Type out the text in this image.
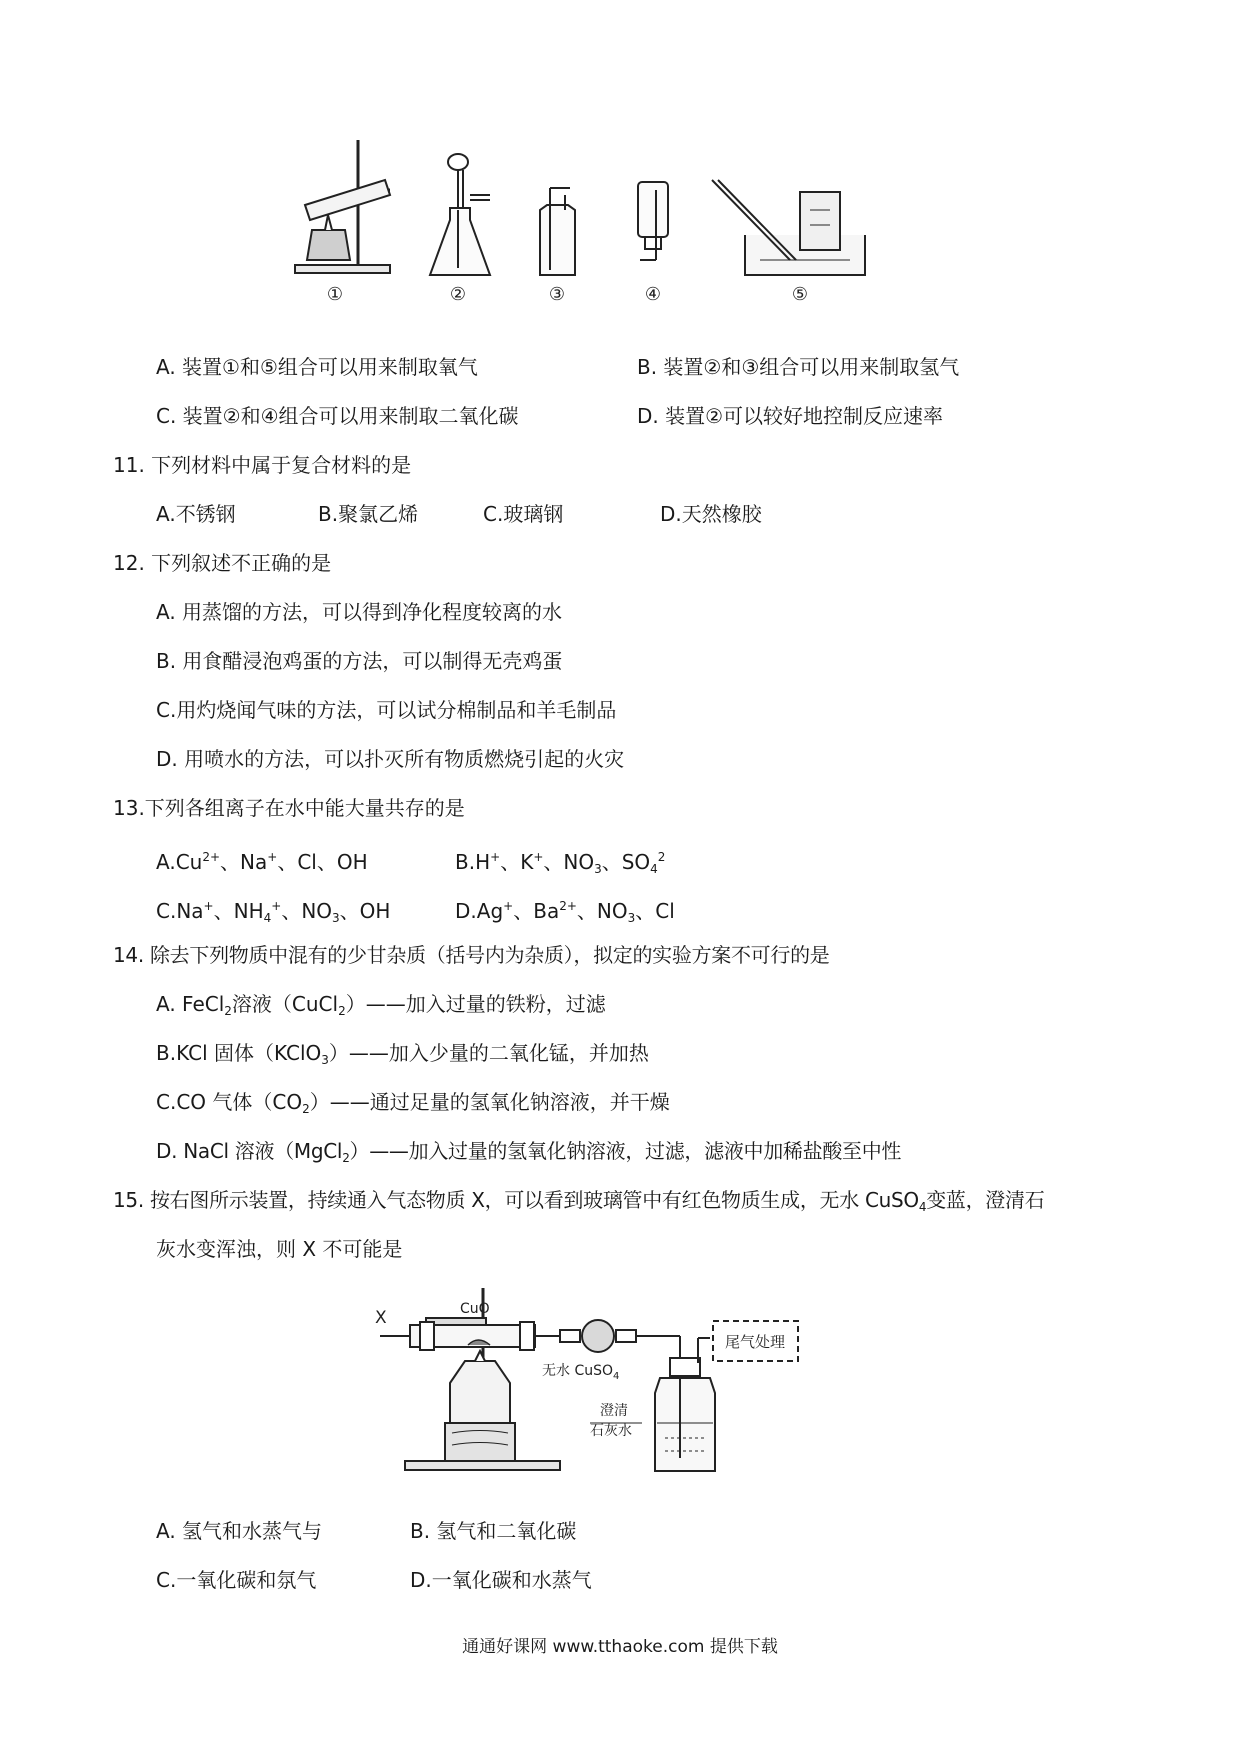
①	②	③	④	⑤
A. 装置①和⑤组合可以用来制取氧气	B. 装置②和③组合可以用来制取氢气
C. 装置②和④组合可以用来制取二氧化碳	D. 装置②可以较好地控制反应速率
11. 下列材料中属于复合材料的是
A.不锈钢	B.聚氯乙烯	C.玻璃钢	D.天然橡胶
12. 下列叙述不正确的是
A. 用蒸馏的方法，可以得到净化程度较离的水
B. 用食醋浸泡鸡蛋的方法，可以制得无壳鸡蛋
C.用灼烧闻气味的方法，可以试分棉制品和羊毛制品
D. 用喷水的方法，可以扑灭所有物质燃烧引起的火灾
13.下列各组离子在水中能大量共存的是
$A.Cu^{2+}$、Na+、Cl、OH	B.H+、K+、$NO_3$、$SO_4^2$
C.Na+、$NH_4^+$、$NO_3$、OH	D.Ag+、$Ba^{2+}$、$NO_3$、Cl
14. 除去下列物质中混有的少甘杂质（括号内为杂质），拟定的实验方案不可行的是
A. FeCl$_2$溶液（CuCl$_2$）——加入过量的铁粉，过滤
B.KCl 固体（KClO$_3$）——加入少量的二氧化锰，并加热
C.CO 气体$(CO_2)——$通过足量的氢氧化钠溶液，并干燥
D. NaCl 溶液（MgCl$_2$）——加入过量的氢氧化钠溶液，过滤，滤液中加稀盐酸至中性
15. 按右图所示装置，持续通入气态物质 X，可以看到玻璃管中有红色物质生成，无水 CuSO$_4$变蓝，澄清石
灰水变浑浊，则 X 不可能是
X	CuO
无水 CuSO$_4$
尾气处理
澄清
石灰水
A. 氢气和水蒸气与	B. 氢气和二氧化碳
C.一氧化碳和氛气	D.一氧化碳和水蒸气
通通好课网 www.tthaoke.com 提供下载
